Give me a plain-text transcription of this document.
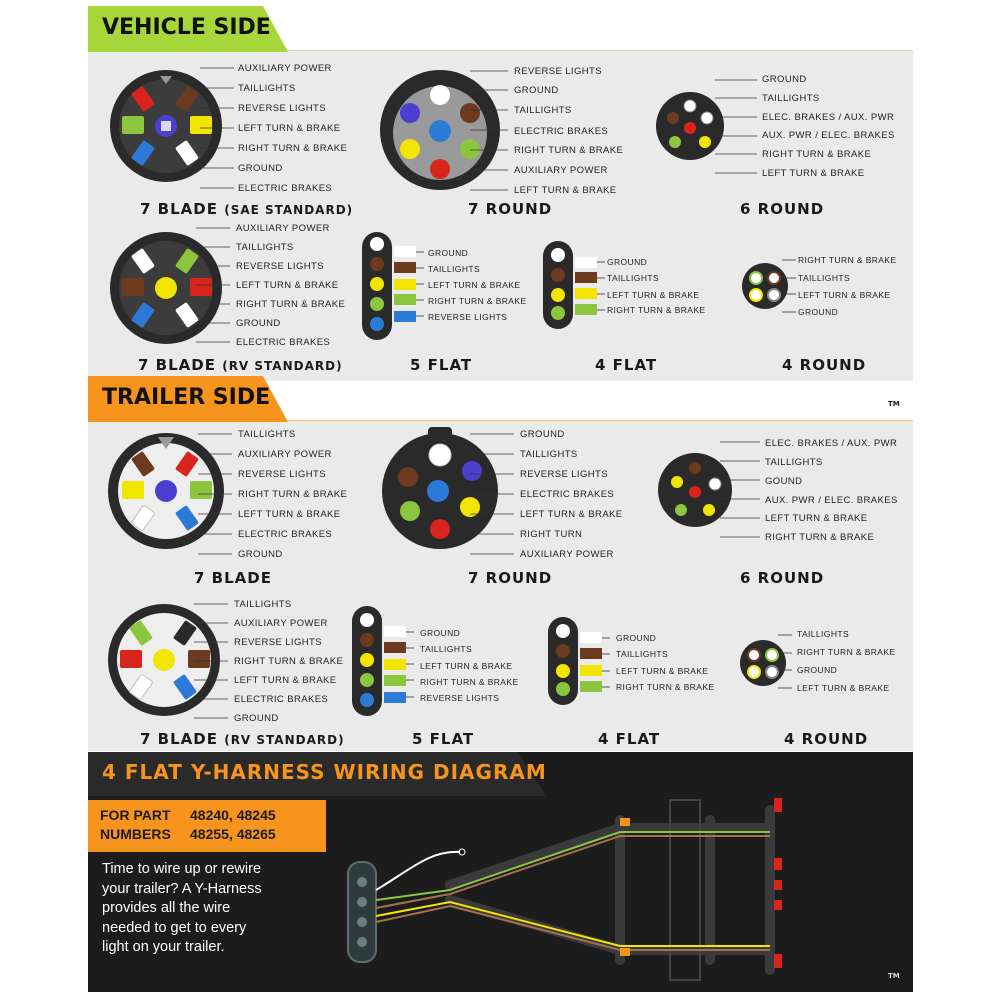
VEHICLE SIDE
AUXILIARY POWER
TAILLIGHTS
REVERSE LIGHTS
LEFT TURN & BRAKE
RIGHT TURN & BRAKE
GROUND
ELECTRIC BRAKES
7 BLADE (SAE STANDARD)
REVERSE LIGHTS
GROUND
TAILLIGHTS
ELECTRIC BRAKES
RIGHT TURN & BRAKE
AUXILIARY POWER
LEFT TURN & BRAKE
7 ROUND
GROUND
TAILLIGHTS
ELEC. BRAKES / AUX. PWR
AUX. PWR / ELEC. BRAKES
RIGHT TURN & BRAKE
LEFT TURN & BRAKE
6 ROUND
AUXILIARY POWER
TAILLIGHTS
REVERSE LIGHTS
LEFT TURN & BRAKE
RIGHT TURN & BRAKE
GROUND
ELECTRIC BRAKES
7 BLADE (RV STANDARD)
GROUND
TAILLIGHTS
LEFT TURN & BRAKE
RIGHT TURN & BRAKE
REVERSE LIGHTS
5 FLAT
GROUND
TAILLIGHTS
LEFT TURN & BRAKE
RIGHT TURN & BRAKE
4 FLAT
RIGHT TURN & BRAKE
TAILLIGHTS
LEFT TURN & BRAKE
GROUND
4 ROUND
TM
TRAILER SIDE
TAILLIGHTS
AUXILIARY POWER
REVERSE LIGHTS
RIGHT TURN & BRAKE
LEFT TURN & BRAKE
ELECTRIC BRAKES
GROUND
7 BLADE
GROUND
TAILLIGHTS
REVERSE LIGHTS
ELECTRIC BRAKES
LEFT TURN & BRAKE
RIGHT TURN
AUXILIARY POWER
7 ROUND
ELEC. BRAKES / AUX. PWR
TAILLIGHTS
GOUND
AUX. PWR / ELEC. BRAKES
LEFT TURN & BRAKE
RIGHT TURN & BRAKE
6 ROUND
TAILLIGHTS
AUXILIARY POWER
REVERSE LIGHTS
RIGHT TURN & BRAKE
LEFT TURN & BRAKE
ELECTRIC BRAKES
GROUND
7 BLADE (RV STANDARD)
GROUND
TAILLIGHTS
LEFT TURN & BRAKE
RIGHT TURN & BRAKE
REVERSE LIGHTS
5 FLAT
GROUND
TAILLIGHTS
LEFT TURN & BRAKE
RIGHT TURN & BRAKE
4 FLAT
TAILLIGHTS
RIGHT TURN & BRAKE
GROUND
LEFT TURN & BRAKE
4 ROUND
4 FLAT Y-HARNESS WIRING DIAGRAM
FOR PART 48240, 48245
NUMBERS 48255, 48265
Time to wire up or rewire your trailer? A Y-Harness provides all the wire needed to get to every light on your trailer.
TM
